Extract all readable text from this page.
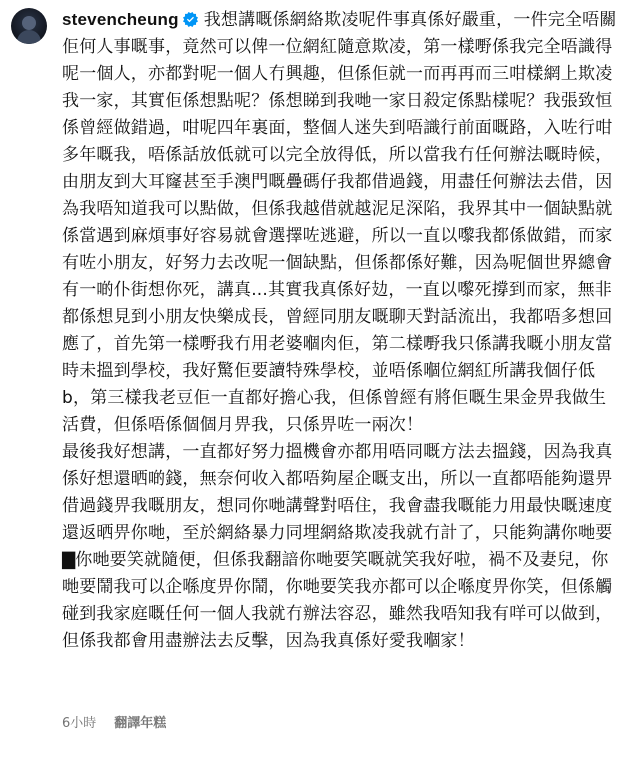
stevencheung 我想講嘅係網絡欺凌呢件事真係好嚴重，一件完全唔關佢何人事嘅事，竟然可以俾一位網紅隨意欺凌，第一樣嘢係我完全唔識得呢一個人，亦都對呢一個人冇興趣，但係佢就一而再再而三咁樣網上欺凌我一家，其實佢係想點呢？係想睇到我哋一家日殺定係點樣呢？我張致恒係曾經做錯過，咁呢四年裏面，整個人迷失到唔識行前面嘅路，入咗行咁多年嘅我，唔係話放低就可以完全放得低，所以當我冇任何辦法嘅時候，由朋友到大耳窿甚至手澳門嘅疊碼仔我都借過錢，用盡任何辦法去借，因為我唔知道我可以點做，但係我越借就越泥足深陷，我界其中一個缺點就係當遇到麻煩事好容易就會選擇咗逃避，所以一直以嚟我都係做錯，而家有咗小朋友，好努力去改呢一個缺點，但係都係好難，因為呢個世界總會有一啲仆街想你死，講真...其實我真係好攰，一直以嚟死撐到而家，無非都係想見到小朋友快樂成長，曾經同朋友嘅聊天對話流出，我都唔多想回應了，首先第一樣嘢我冇用老婆嗰肉佢，第二樣嘢我只係講我嘅小朋友當時未搵到學校，我好驚佢要讀特殊學校，並唔係嗰位網紅所講我個仔低b，第三樣我老豆佢一直都好擔心我，但係曾經有將佢嘅生果金畀我做生活費，但係唔係個個月畀我，只係畀咗一兩次！
最後我好想講，一直都好努力搵機會亦都用唔同嘅方法去搵錢，因為我真係好想還晒啲錢，無奈何收入都唔夠屋企嘅支出，所以一直都唔能夠還畀借過錢畀我嘅朋友，想同你哋講聲對唔住，我會盡我嘅能力用最快嘅速度還返晒畀你哋，至於網絡暴力同埋網絡欺凌我就冇計了，只能夠講你哋要▇你哋要笑就隨便，但係我翻諳你哋要笑嘅就笑我好啦，禍不及妻兒，你哋要鬧我可以企喺度畀你鬧，你哋要笑我亦都可以企喺度畀你笑，但係觸碰到我家庭嘅任何一個人我就冇辦法容忍，雖然我唔知我有咩可以做到，但係我都會用盡辦法去反擊，因為我真係好愛我嗰家！

6小時 翻譯年糕
